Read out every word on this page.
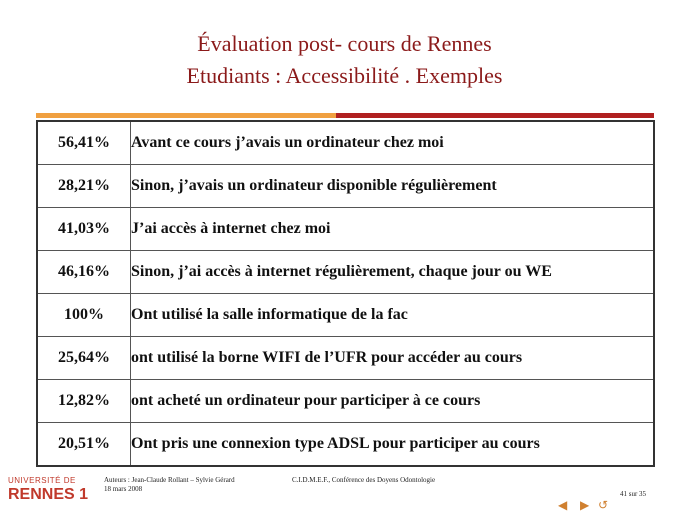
Évaluation post- cours de Rennes
Etudiants : Accessibilité . Exemples
56,41%	Avant ce cours j’avais un ordinateur chez moi
28,21%	Sinon, j’avais un ordinateur disponible régulièrement
41,03%	J’ai accès à internet chez moi
46,16%	Sinon, j’ai accès à internet régulièrement, chaque jour ou WE
100%	Ont utilisé la salle informatique de la fac
25,64%	ont utilisé la borne WIFI de l’UFR pour accéder au cours
12,82%	ont acheté un ordinateur pour participer à ce cours
20,51%	Ont pris une connexion type ADSL pour participer au cours
UNIVERSITÉ DE
RENNES 1
Auteurs : Jean-Claude Rollant – Sylvie Gérard
18 mars 2008
C.I.D.M.E.F., Conférence des Doyens Odontologie
41 sur 35
◀ ▶ ↺
